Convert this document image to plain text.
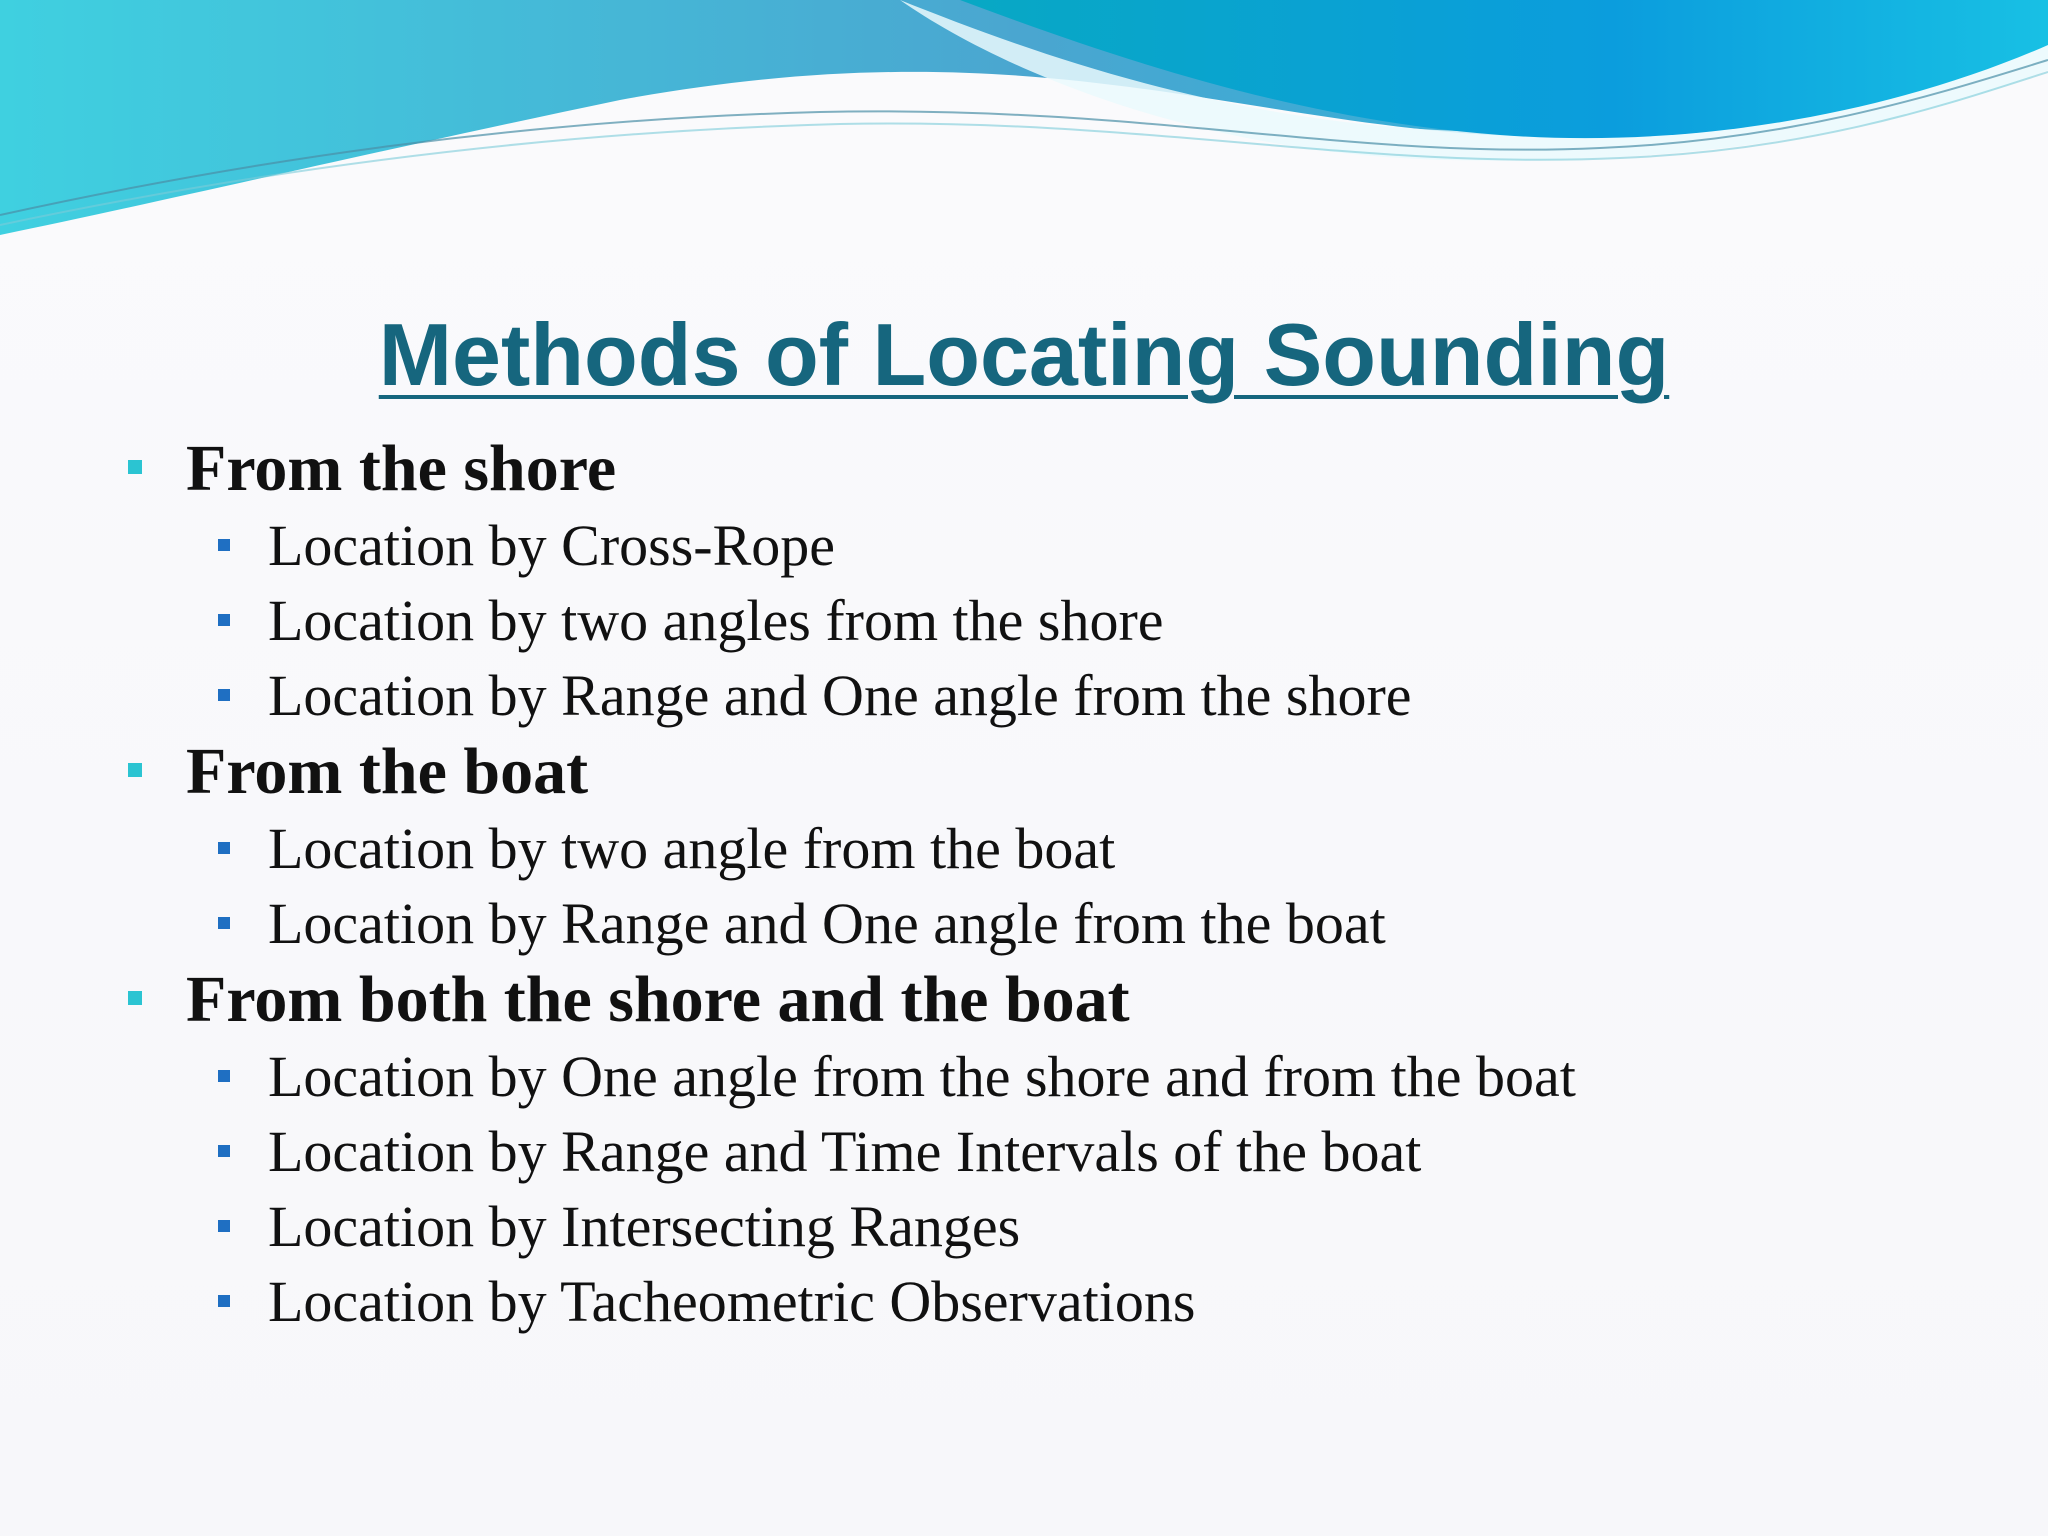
Methods of Locating Sounding
From the shore
Location by Cross-Rope
Location by two angles from the shore
Location by Range and One angle from the shore
From the boat
Location by two angle from the boat
Location by Range and One angle from the boat
From both the shore and the boat
Location by One angle from the shore and from the boat
Location by Range and Time Intervals of the boat
Location by Intersecting Ranges
Location by Tacheometric Observations
